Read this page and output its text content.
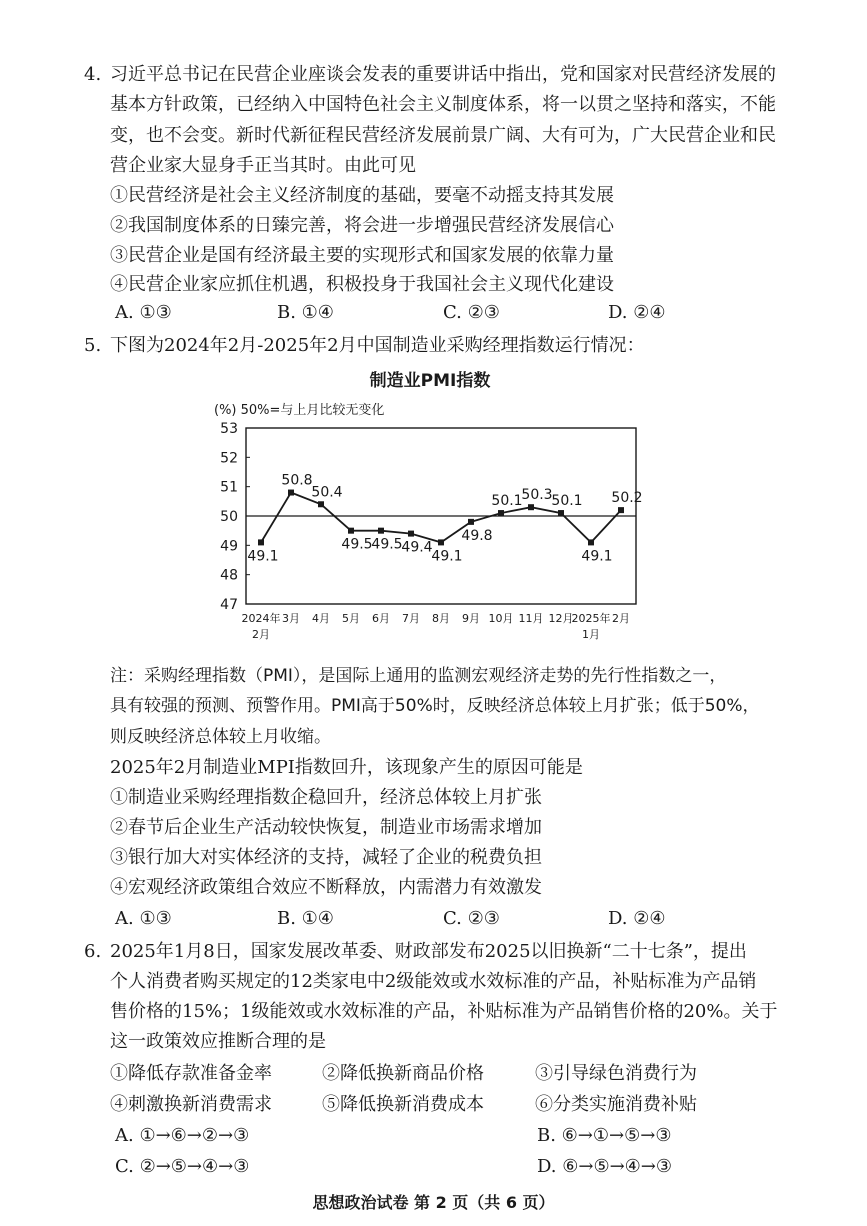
4. 习近平总书记在民营企业座谈会发表的重要讲话中指出，党和国家对民营经济发展的
基本方针政策，已经纳入中国特色社会主义制度体系，将一以贯之坚持和落实，不能
变，也不会变。新时代新征程民营经济发展前景广阔、大有可为，广大民营企业和民
营企业家大显身手正当其时。由此可见
①民营经济是社会主义经济制度的基础，要毫不动摇支持其发展
②我国制度体系的日臻完善，将会进一步增强民营经济发展信心
③民营企业是国有经济最主要的实现形式和国家发展的依靠力量
④民营企业家应抓住机遇，积极投身于我国社会主义现代化建设
A. ①③	B. ①④	C. ②③	D. ②④
5. 下图为2024年2月-2025年2月中国制造业采购经理指数运行情况：
制造业PMI指数
(%) 50%=与上月比较无变化
47
48
49
50
51
52
53
2024年
2月
3月 4月 5月 6月 7月 8月 9月 10月 11月 12月
2025年
1月
2月
49.1
50.8
50.4
49.5
49.5
49.4
49.1
49.8
50.1
50.3
50.1
49.1
50.2
注：采购经理指数（PMI），是国际上通用的监测宏观经济走势的先行性指数之一，
具有较强的预测、预警作用。PMI高于50%时，反映经济总体较上月扩张；低于50%，
则反映经济总体较上月收缩。
2025年2月制造业MPI指数回升，该现象产生的原因可能是
①制造业采购经理指数企稳回升，经济总体较上月扩张
②春节后企业生产活动较快恢复，制造业市场需求增加
③银行加大对实体经济的支持，减轻了企业的税费负担
④宏观经济政策组合效应不断释放，内需潜力有效激发
A. ①③	B. ①④	C. ②③	D. ②④
6. 2025年1月8日，国家发展改革委、财政部发布2025以旧换新“二十七条”，提出
个人消费者购买规定的12类家电中2级能效或水效标准的产品，补贴标准为产品销
售价格的15%；1级能效或水效标准的产品，补贴标准为产品销售价格的20%。关于
这一政策效应推断合理的是
①降低存款准备金率	②降低换新商品价格	③引导绿色消费行为
④刺激换新消费需求	⑤降低换新消费成本	⑥分类实施消费补贴
A. ①→⑥→②→③	B. ⑥→①→⑤→③
C. ②→⑤→④→③	D. ⑥→⑤→④→③
思想政治试卷 第 2 页（共 6 页）
